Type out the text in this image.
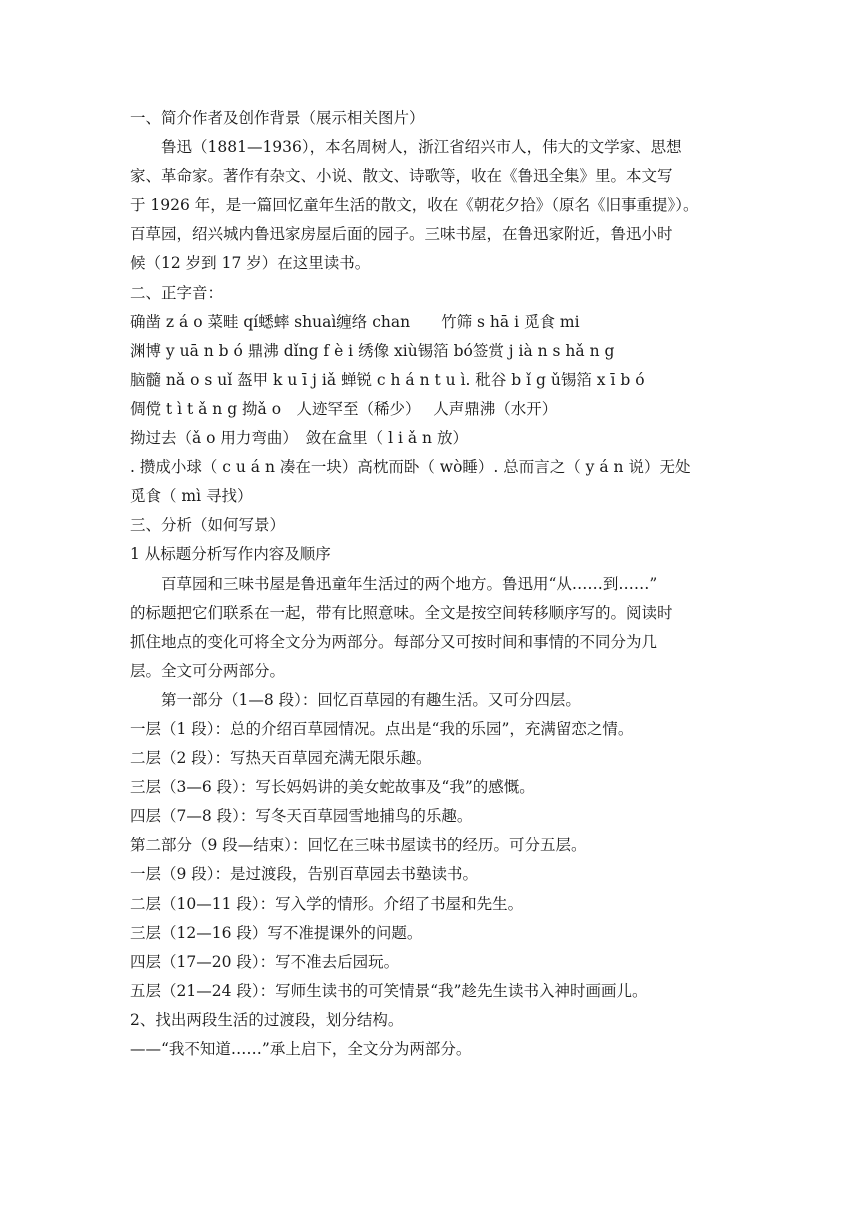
一、简介作者及创作背景（展示相关图片）
鲁迅（1881—1936），本名周树人，浙江省绍兴市人，伟大的文学家、思想
家、革命家。著作有杂文、小说、散文、诗歌等，收在《鲁迅全集》里。本文写
于 1926 年，是一篇回忆童年生活的散文，收在《朝花夕拾》（原名《旧事重提》）。
百草园，绍兴城内鲁迅家房屋后面的园子。三味书屋，在鲁迅家附近，鲁迅小时
候（12 岁到 17 岁）在这里读书。
二、正字音：
确凿 z á o 菜畦 qí蟋蟀 shuaì缠络 chan　　竹筛 s hā i 觅食 mi
渊博 y uā n b ó 鼎沸 dǐng f è i 绣像 xiù锡箔 bó签赏 j ià n s hǎ n g
脑髓 nǎ o s uǐ 盔甲 k u ī j iǎ 蝉锐 c h á n t u ì. 秕谷 b ǐ g ǔ锡箔 x ī b ó
倜傥 t ì t ǎ n g 拗ǎ o　人迹罕至（稀少）　 人声鼎沸（水开）
拗过去（ǎ o 用力弯曲）　敛在盒里（ l i ǎ n 放）
. 攒成小球（ c u á n 凑在一块）高枕而卧（ wò睡）. 总而言之（ y á n 说）无处
觅食（ mì 寻找）
三、分析（如何写景）
1 从标题分析写作内容及顺序
百草园和三味书屋是鲁迅童年生活过的两个地方。鲁迅用“从……到……”
的标题把它们联系在一起，带有比照意味。全文是按空间转移顺序写的。阅读时
抓住地点的变化可将全文分为两部分。每部分又可按时间和事情的不同分为几
层。全文可分两部分。
第一部分（1—8 段）：回忆百草园的有趣生活。又可分四层。
一层（1 段）：总的介绍百草园情况。点出是“我的乐园”，充满留恋之情。
二层（2 段）：写热天百草园充满无限乐趣。
三层（3—6 段）：写长妈妈讲的美女蛇故事及“我”的感慨。
四层（7—8 段）：写冬天百草园雪地捕鸟的乐趣。
第二部分（9 段—结束）：回忆在三味书屋读书的经历。可分五层。
一层（9 段）：是过渡段，告别百草园去书塾读书。
二层（10—11 段）：写入学的情形。介绍了书屋和先生。
三层（12—16 段）写不准提课外的问题。
四层（17—20 段）：写不准去后园玩。
五层（21—24 段）：写师生读书的可笑情景“我”趁先生读书入神时画画儿。
2、找出两段生活的过渡段，划分结构。
——“我不知道……”承上启下，全文分为两部分。
